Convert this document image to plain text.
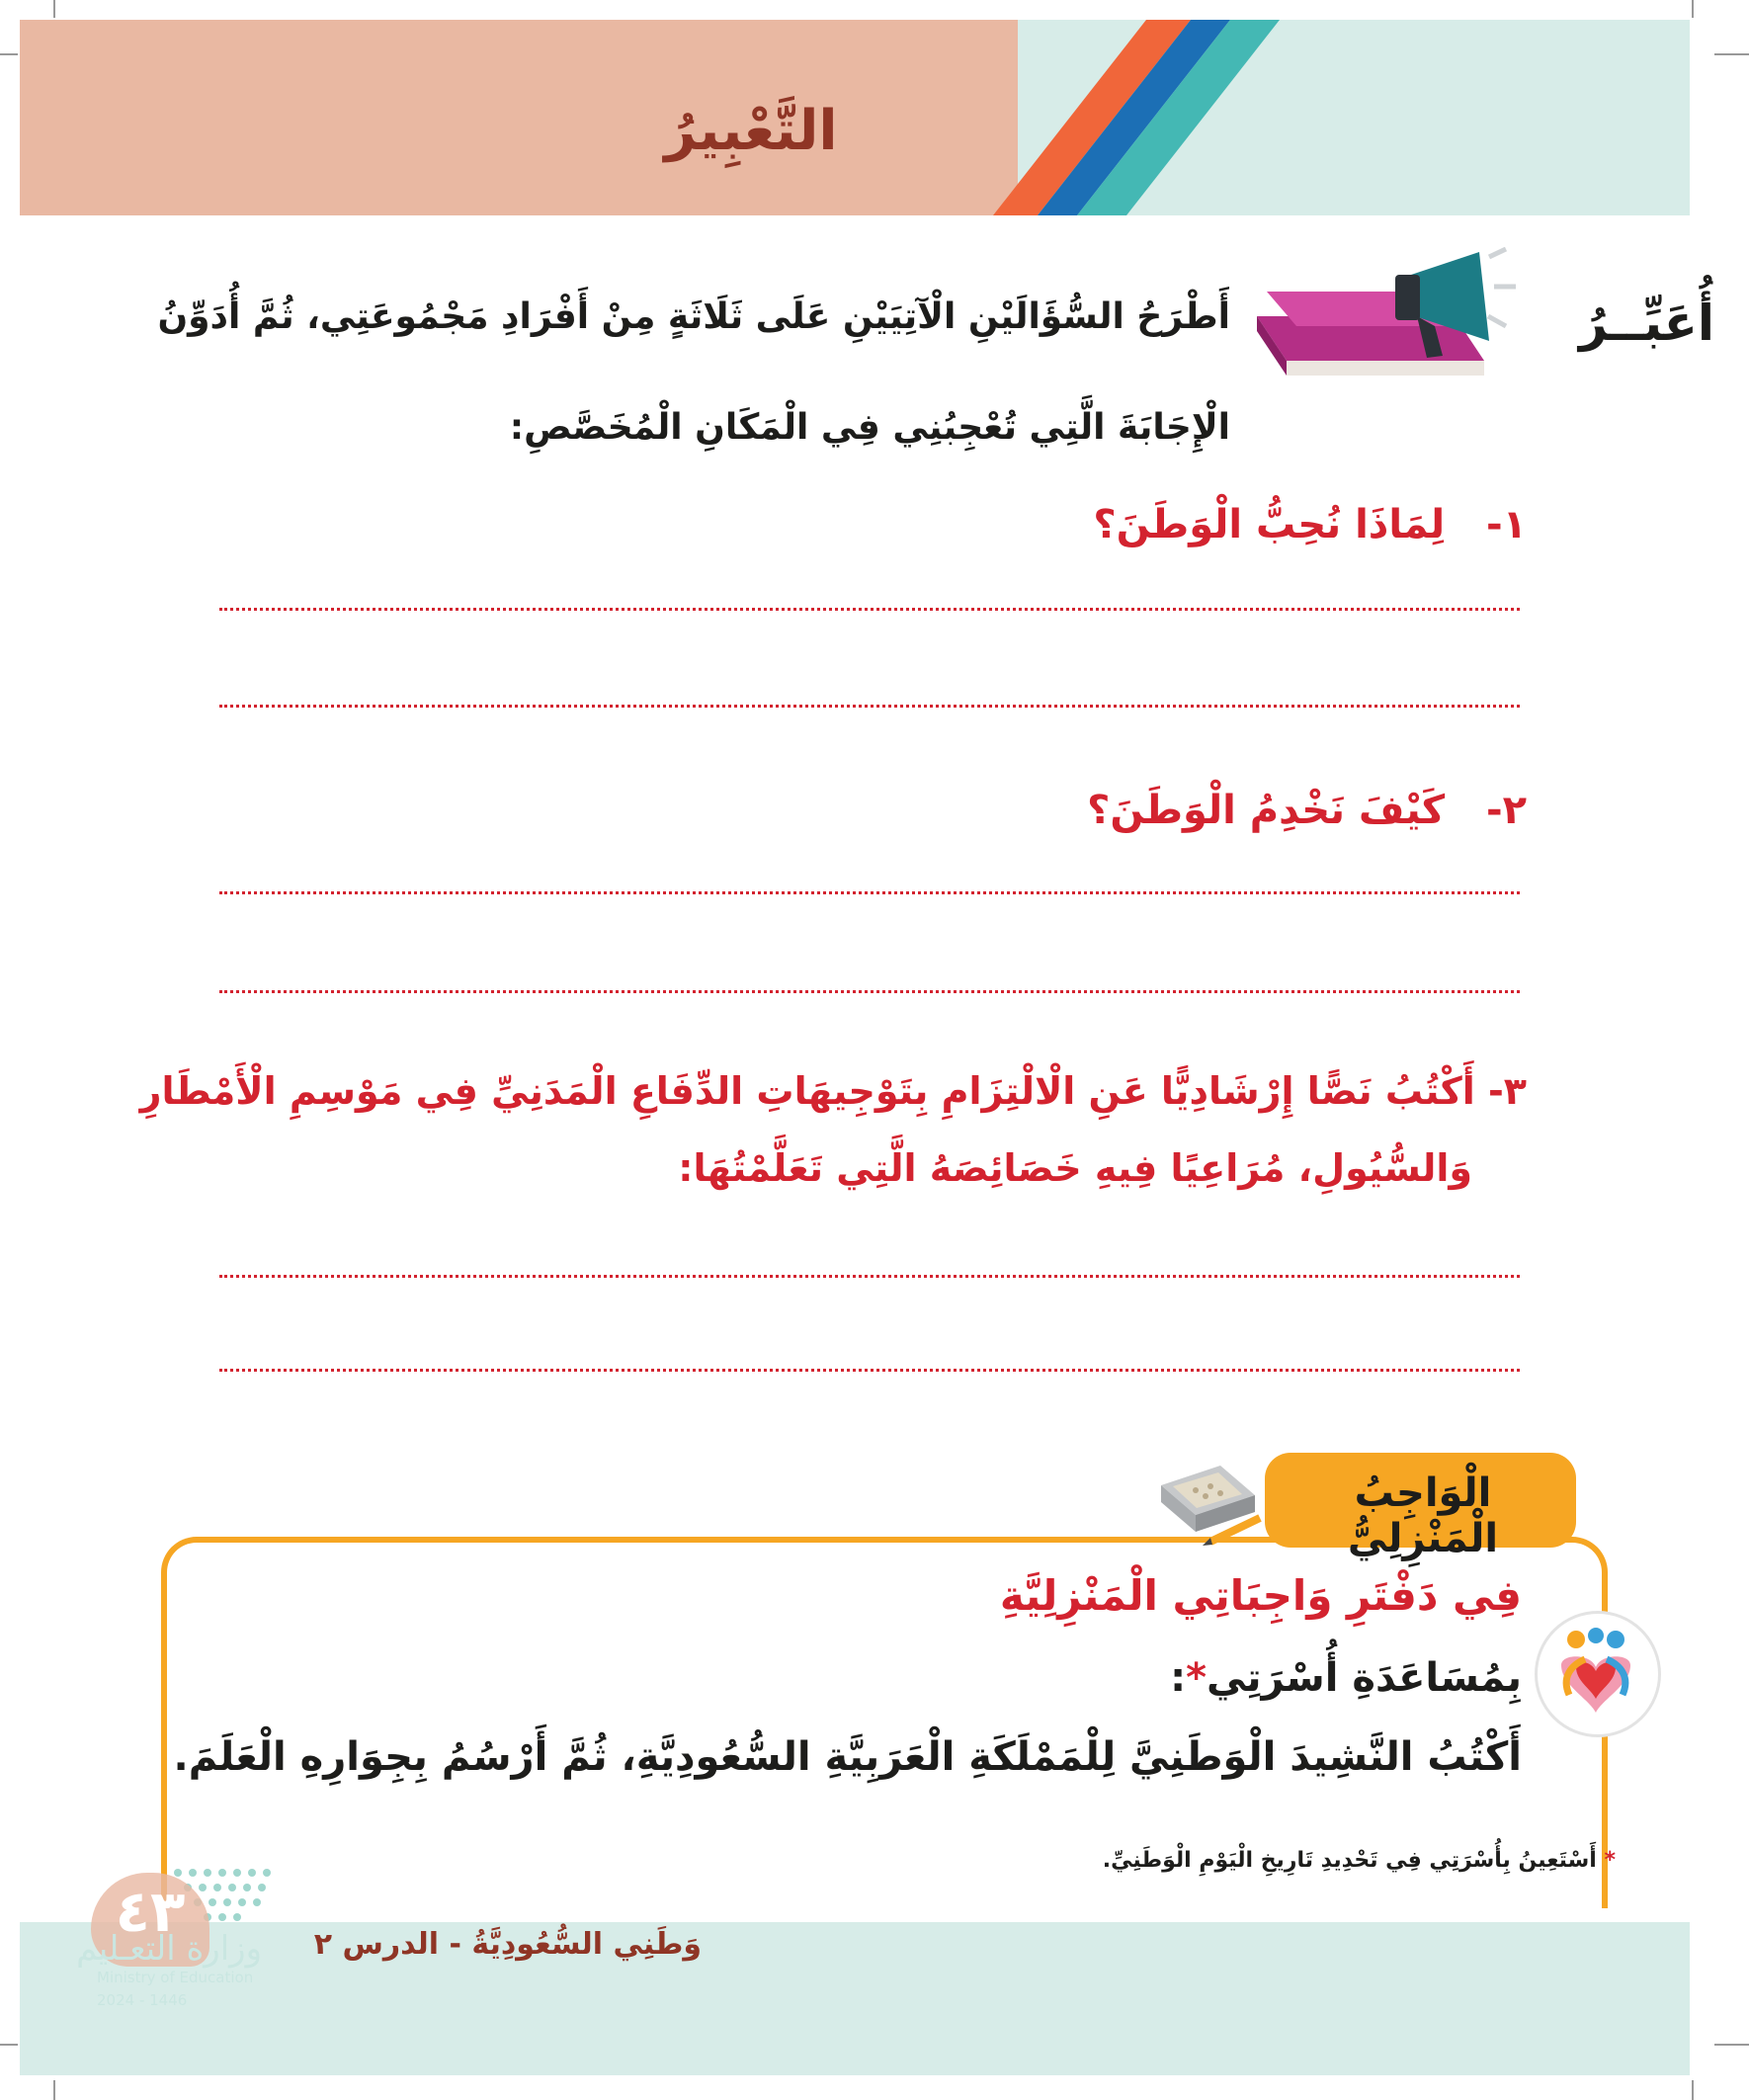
التَّعْبِيرُ
أُعَبِّــرُ
أَطْرَحُ السُّؤَالَيْنِ الْآتِيَيْنِ عَلَى ثَلَاثَةٍ مِنْ أَفْرَادِ مَجْمُوعَتِي، ثُمَّ أُدَوِّنُ
الْإِجَابَةَ الَّتِي تُعْجِبُنِي فِي الْمَكَانِ الْمُخَصَّصِ:
١-   لِمَاذَا نُحِبُّ الْوَطَنَ؟
٢-   كَيْفَ نَخْدِمُ الْوَطَنَ؟
٣- أَكْتُبُ نَصًّا إِرْشَادِيًّا عَنِ الْالْتِزَامِ بِتَوْجِيهَاتِ الدِّفَاعِ الْمَدَنِيِّ فِي مَوْسِمِ الْأَمْطَارِ
وَالسُّيُولِ، مُرَاعِيًا فِيهِ خَصَائِصَهُ الَّتِي تَعَلَّمْتُهَا:
الْوَاجِبُ الْمَنْزِلِيُّ
فِي دَفْتَرِ وَاجِبَاتِي الْمَنْزِلِيَّةِ
بِمُسَاعَدَةِ أُسْرَتِي*:
أَكْتُبُ النَّشِيدَ الْوَطَنِيَّ لِلْمَمْلَكَةِ الْعَرَبِيَّةِ السُّعُودِيَّةِ، ثُمَّ أَرْسُمُ بِجِوَارِهِ الْعَلَمَ.
* أَسْتَعِينُ بِأُسْرَتِي فِي تَحْدِيدِ تَارِيخِ الْيَوْمِ الْوَطَنِيِّ.
وَطَنِي السُّعُودِيَّةُ - الدرس ٢
٤٣
وزارة التعـليم
Ministry of Education
2024 - 1446
